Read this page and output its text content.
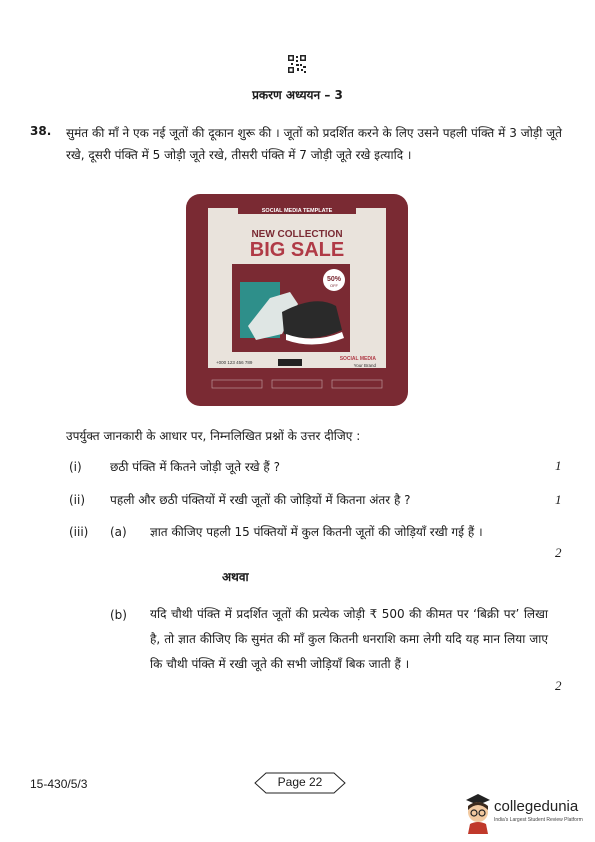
प्रकरण अध्ययन – 3
38. सुमंत की माँ ने एक नई जूतों की दूकान शुरू की । जूतों को प्रदर्शित करने के लिए उसने पहली पंक्ति में 3 जोड़ी जूते रखे, दूसरी पंक्ति में 5 जोड़ी जूते रखे, तीसरी पंक्ति में 7 जोड़ी जूते रखे इत्यादि ।
SOCIAL MEDIA TEMPLATE
NEW COLLECTION
BIG SALE
50%
OFF
+000 123 456 789
SOCIAL MEDIA
Your Brand
उपर्युक्त जानकारी के आधार पर, निम्नलिखित प्रश्नों के उत्तर दीजिए :
(i) छठी पंक्ति में कितने जोड़ी जूते रखे हैं ?	1
(ii) पहली और छठी पंक्तियों में रखी जूतों की जोड़ियों में कितना अंतर है ?	1
(iii) (a) ज्ञात कीजिए पहली 15 पंक्तियों में कुल कितनी जूतों की जोड़ियाँ रखी गई हैं ।
2
अथवा
(b) यदि चौथी पंक्ति में प्रदर्शित जूतों की प्रत्येक जोड़ी ₹ 500 की कीमत पर ‘बिक्री पर’ लिखा है, तो ज्ञात कीजिए कि सुमंत की माँ कुल कितनी धनराशि कमा लेगी यदि यह मान लिया जाए कि चौथी पंक्ति में रखी जूते की सभी जोड़ियाँ बिक जाती हैं ।
2
15-430/5/3	Page 22
collegedunia
India's Largest Student Review Platform
